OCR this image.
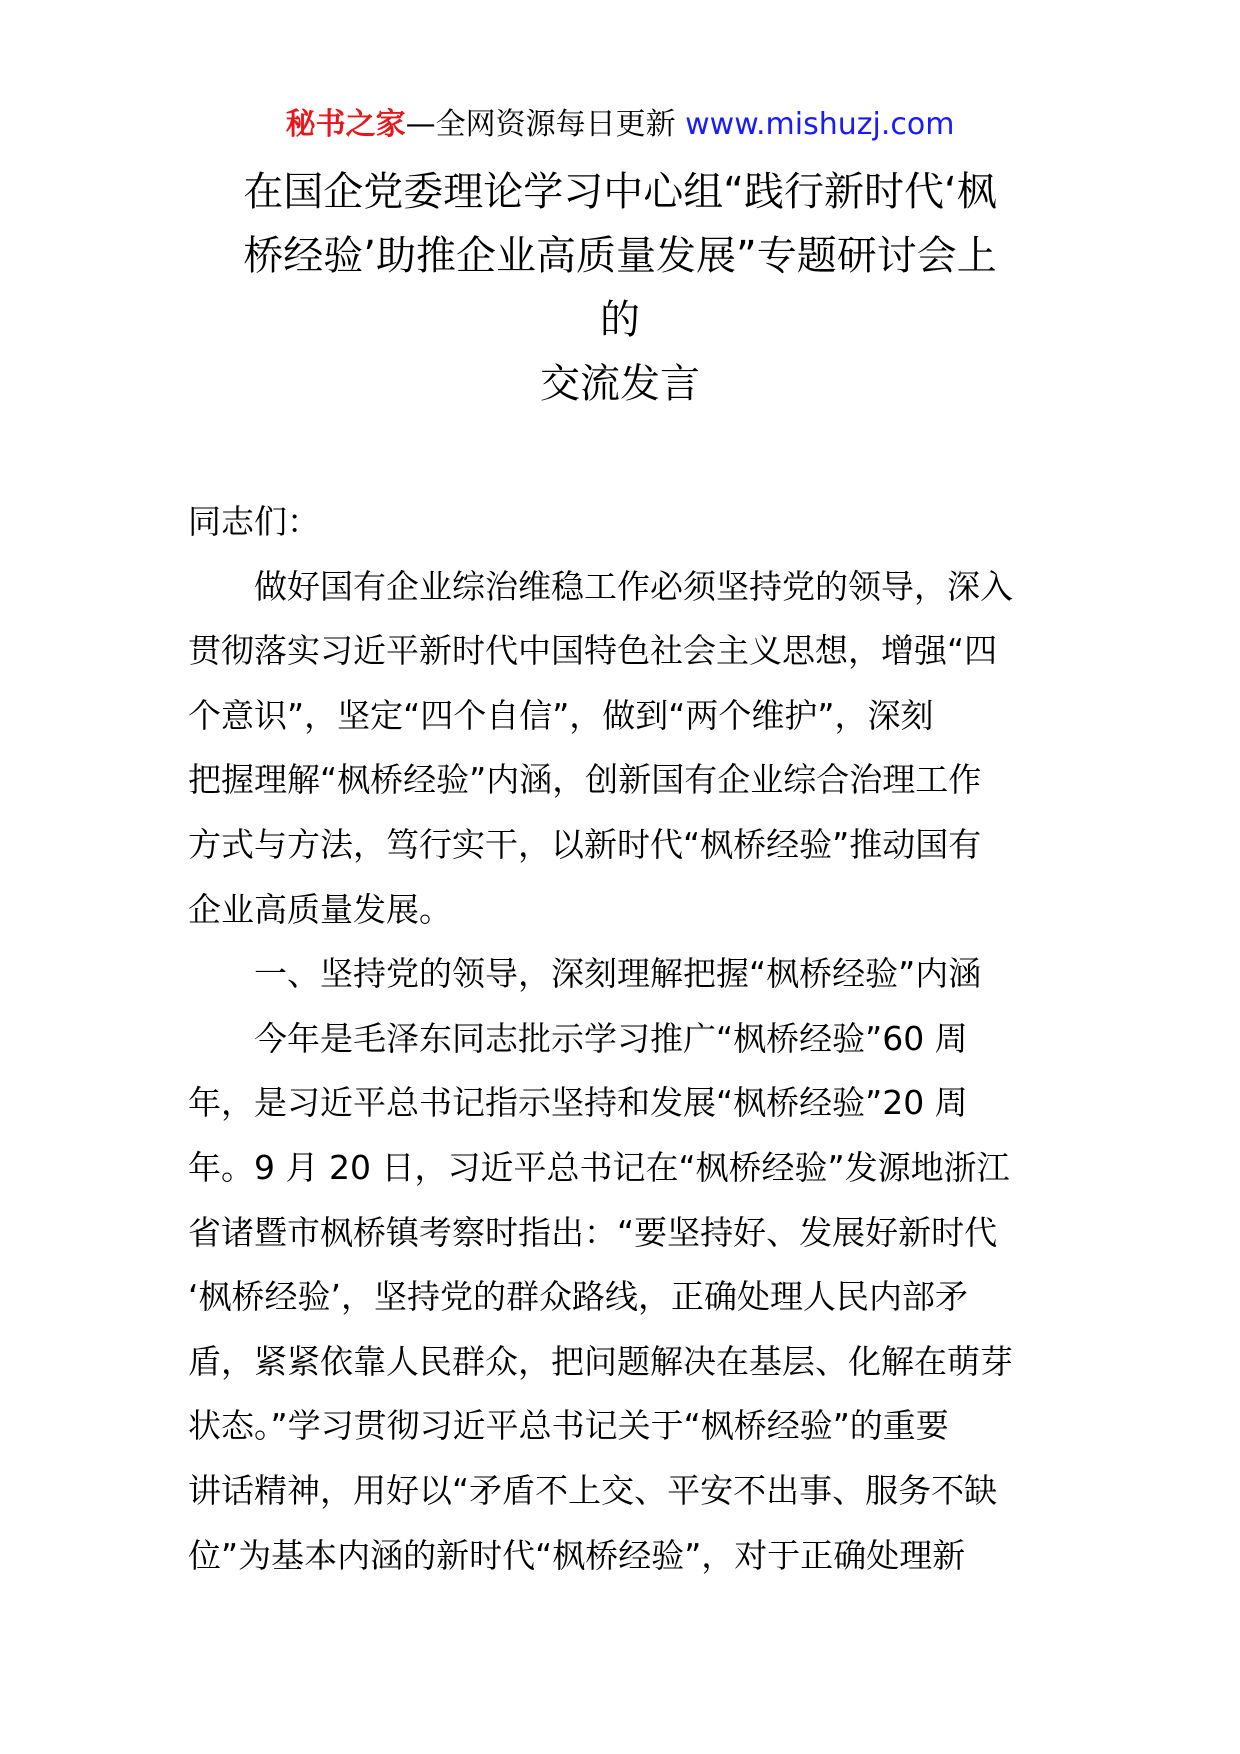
秘书之家—全网资源每日更新 www.mishuzj.com
在国企党委理论学习中心组“践行新时代‘枫
桥经验’助推企业高质量发展”专题研讨会上
的
交流发言
同志们：
做好国有企业综治维稳工作必须坚持党的领导，深入
贯彻落实习近平新时代中国特色社会主义思想，增强“四
个意识”，坚定“四个自信”，做到“两个维护”，深刻
把握理解“枫桥经验”内涵，创新国有企业综合治理工作
方式与方法，笃行实干，以新时代“枫桥经验”推动国有
企业高质量发展。
一、坚持党的领导，深刻理解把握“枫桥经验”内涵
今年是毛泽东同志批示学习推广“枫桥经验”60 周
年，是习近平总书记指示坚持和发展“枫桥经验”20 周
年。9 月 20 日，习近平总书记在“枫桥经验”发源地浙江
省诸暨市枫桥镇考察时指出：“要坚持好、发展好新时代
‘枫桥经验’，坚持党的群众路线，正确处理人民内部矛
盾，紧紧依靠人民群众，把问题解决在基层、化解在萌芽
状态。”学习贯彻习近平总书记关于“枫桥经验”的重要
讲话精神，用好以“矛盾不上交、平安不出事、服务不缺
位”为基本内涵的新时代“枫桥经验”，对于正确处理新
